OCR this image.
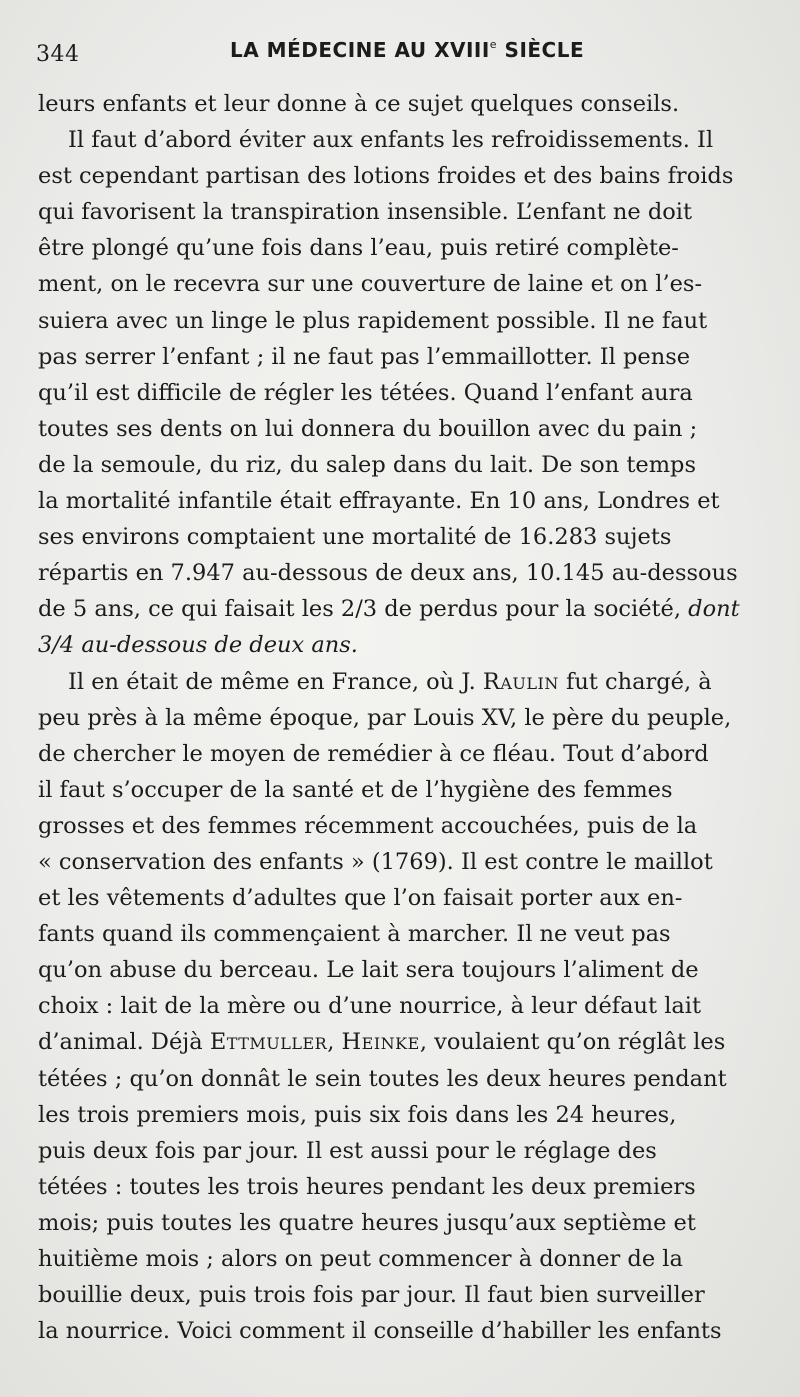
344	LA MÉDECINE AU XVIIIe SIÈCLE
leurs enfants et leur donne à ce sujet quelques conseils.
Il faut d’abord éviter aux enfants les refroidissements. Il
est cependant partisan des lotions froides et des bains froids
qui favorisent la transpiration insensible. L’enfant ne doit
être plongé qu’une fois dans l’eau, puis retiré complète-
ment, on le recevra sur une couverture de laine et on l’es-
suiera avec un linge le plus rapidement possible. Il ne faut
pas serrer l’enfant ; il ne faut pas l’emmaillotter. Il pense
qu’il est difficile de régler les tétées. Quand l’enfant aura
toutes ses dents on lui donnera du bouillon avec du pain ;
de la semoule, du riz, du salep dans du lait. De son temps
la mortalité infantile était effrayante. En 10 ans, Londres et
ses environs comptaient une mortalité de 16.283 sujets
répartis en 7.947 au-dessous de deux ans, 10.145 au-dessous
de 5 ans, ce qui faisait les 2/3 de perdus pour la société, dont
3/4 au-dessous de deux ans.
Il en était de même en France, où J. Raulin fut chargé, à
peu près à la même époque, par Louis XV, le père du peuple,
de chercher le moyen de remédier à ce fléau. Tout d’abord
il faut s’occuper de la santé et de l’hygiène des femmes
grosses et des femmes récemment accouchées, puis de la
« conservation des enfants » (1769). Il est contre le maillot
et les vêtements d’adultes que l’on faisait porter aux en-
fants quand ils commençaient à marcher. Il ne veut pas
qu’on abuse du berceau. Le lait sera toujours l’aliment de
choix : lait de la mère ou d’une nourrice, à leur défaut lait
d’animal. Déjà Ettmuller, Heinke, voulaient qu’on réglât les
tétées ; qu’on donnât le sein toutes les deux heures pendant
les trois premiers mois, puis six fois dans les 24 heures,
puis deux fois par jour. Il est aussi pour le réglage des
tétées : toutes les trois heures pendant les deux premiers
mois; puis toutes les quatre heures jusqu’aux septième et
huitième mois ; alors on peut commencer à donner de la
bouillie deux, puis trois fois par jour. Il faut bien surveiller
la nourrice. Voici comment il conseille d’habiller les enfants
